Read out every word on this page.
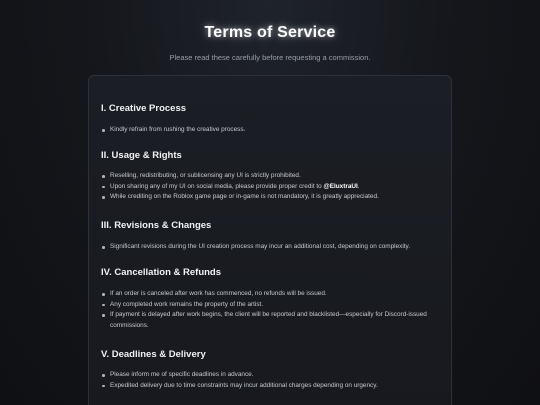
Terms of Service
Please read these carefully before requesting a commission.
I. Creative Process
Kindly refrain from rushing the creative process.
II. Usage & Rights
Reselling, redistributing, or sublicensing any UI is strictly prohibited.
Upon sharing any of my UI on social media, please provide proper credit to @EluxtraUI.
While crediting on the Roblox game page or in-game is not mandatory, it is greatly appreciated.
III. Revisions & Changes
Significant revisions during the UI creation process may incur an additional cost, depending on complexity.
IV. Cancellation & Refunds
If an order is canceled after work has commenced, no refunds will be issued.
Any completed work remains the property of the artist.
If payment is delayed after work begins, the client will be reported and blacklisted—especially for Discord-issued commissions.
V. Deadlines & Delivery
Please inform me of specific deadlines in advance.
Expedited delivery due to time constraints may incur additional charges depending on urgency.
